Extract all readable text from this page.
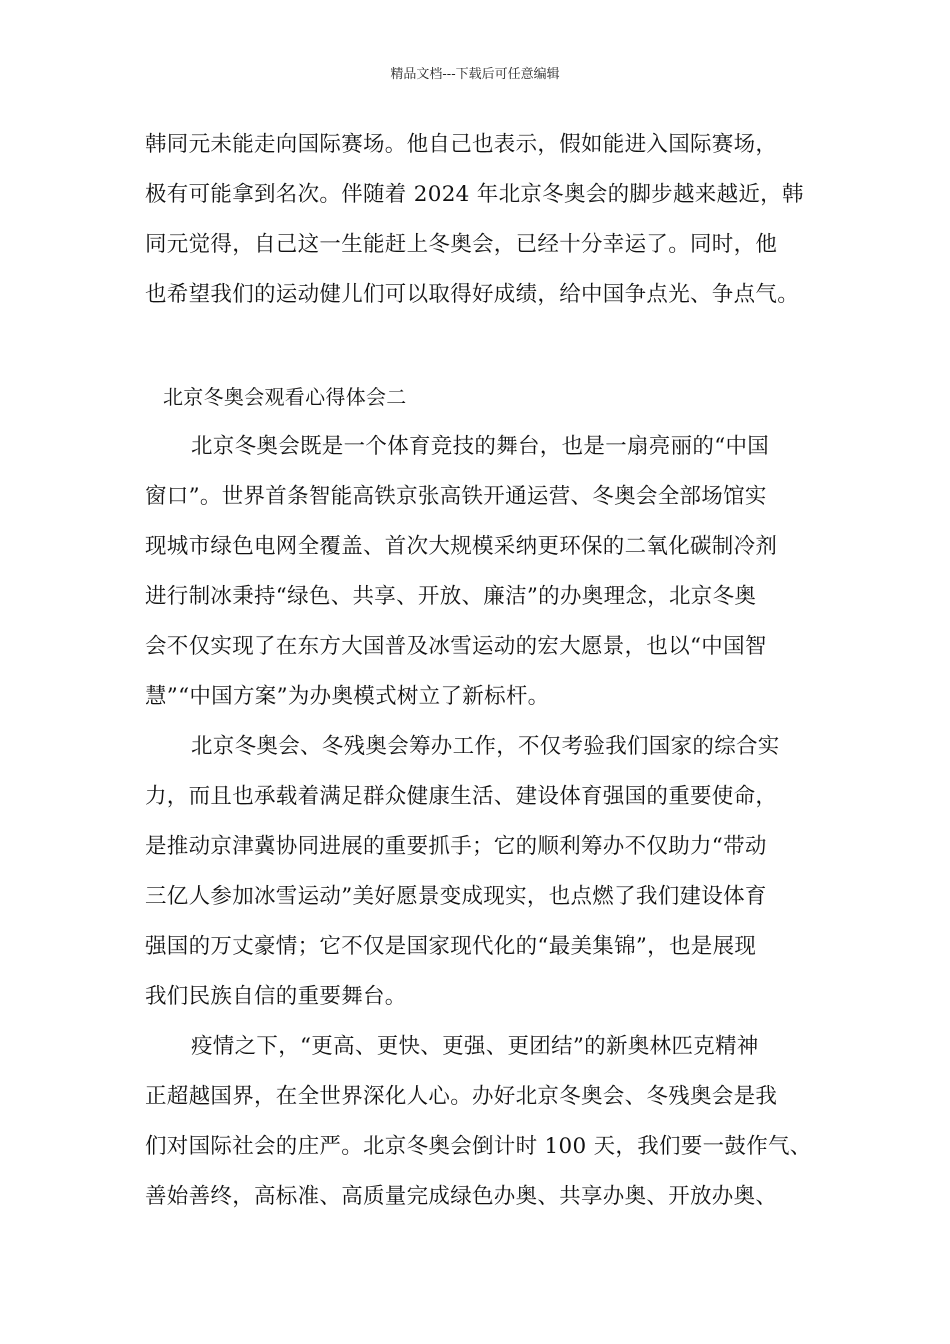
精品文档---下载后可任意编辑
韩同元未能走向国际赛场。他自己也表示，假如能进入国际赛场，
极有可能拿到名次。伴随着 2024 年北京冬奥会的脚步越来越近，韩
同元觉得，自己这一生能赶上冬奥会，已经十分幸运了。同时，他
也希望我们的运动健儿们可以取得好成绩，给中国争点光、争点气。
北京冬奥会观看心得体会二
北京冬奥会既是一个体育竞技的舞台，也是一扇亮丽的“中国
窗口”。世界首条智能高铁京张高铁开通运营、冬奥会全部场馆实
现城市绿色电网全覆盖、首次大规模采纳更环保的二氧化碳制冷剂
进行制冰秉持“绿色、共享、开放、廉洁”的办奥理念，北京冬奥
会不仅实现了在东方大国普及冰雪运动的宏大愿景，也以“中国智
慧”“中国方案”为办奥模式树立了新标杆。
北京冬奥会、冬残奥会筹办工作，不仅考验我们国家的综合实
力，而且也承载着满足群众健康生活、建设体育强国的重要使命，
是推动京津冀协同进展的重要抓手；它的顺利筹办不仅助力“带动
三亿人参加冰雪运动”美好愿景变成现实，也点燃了我们建设体育
强国的万丈豪情；它不仅是国家现代化的“最美集锦”，也是展现
我们民族自信的重要舞台。
疫情之下，“更高、更快、更强、更团结”的新奥林匹克精神
正超越国界，在全世界深化人心。办好北京冬奥会、冬残奥会是我
们对国际社会的庄严。北京冬奥会倒计时 100 天，我们要一鼓作气、
善始善终，高标准、高质量完成绿色办奥、共享办奥、开放办奥、
